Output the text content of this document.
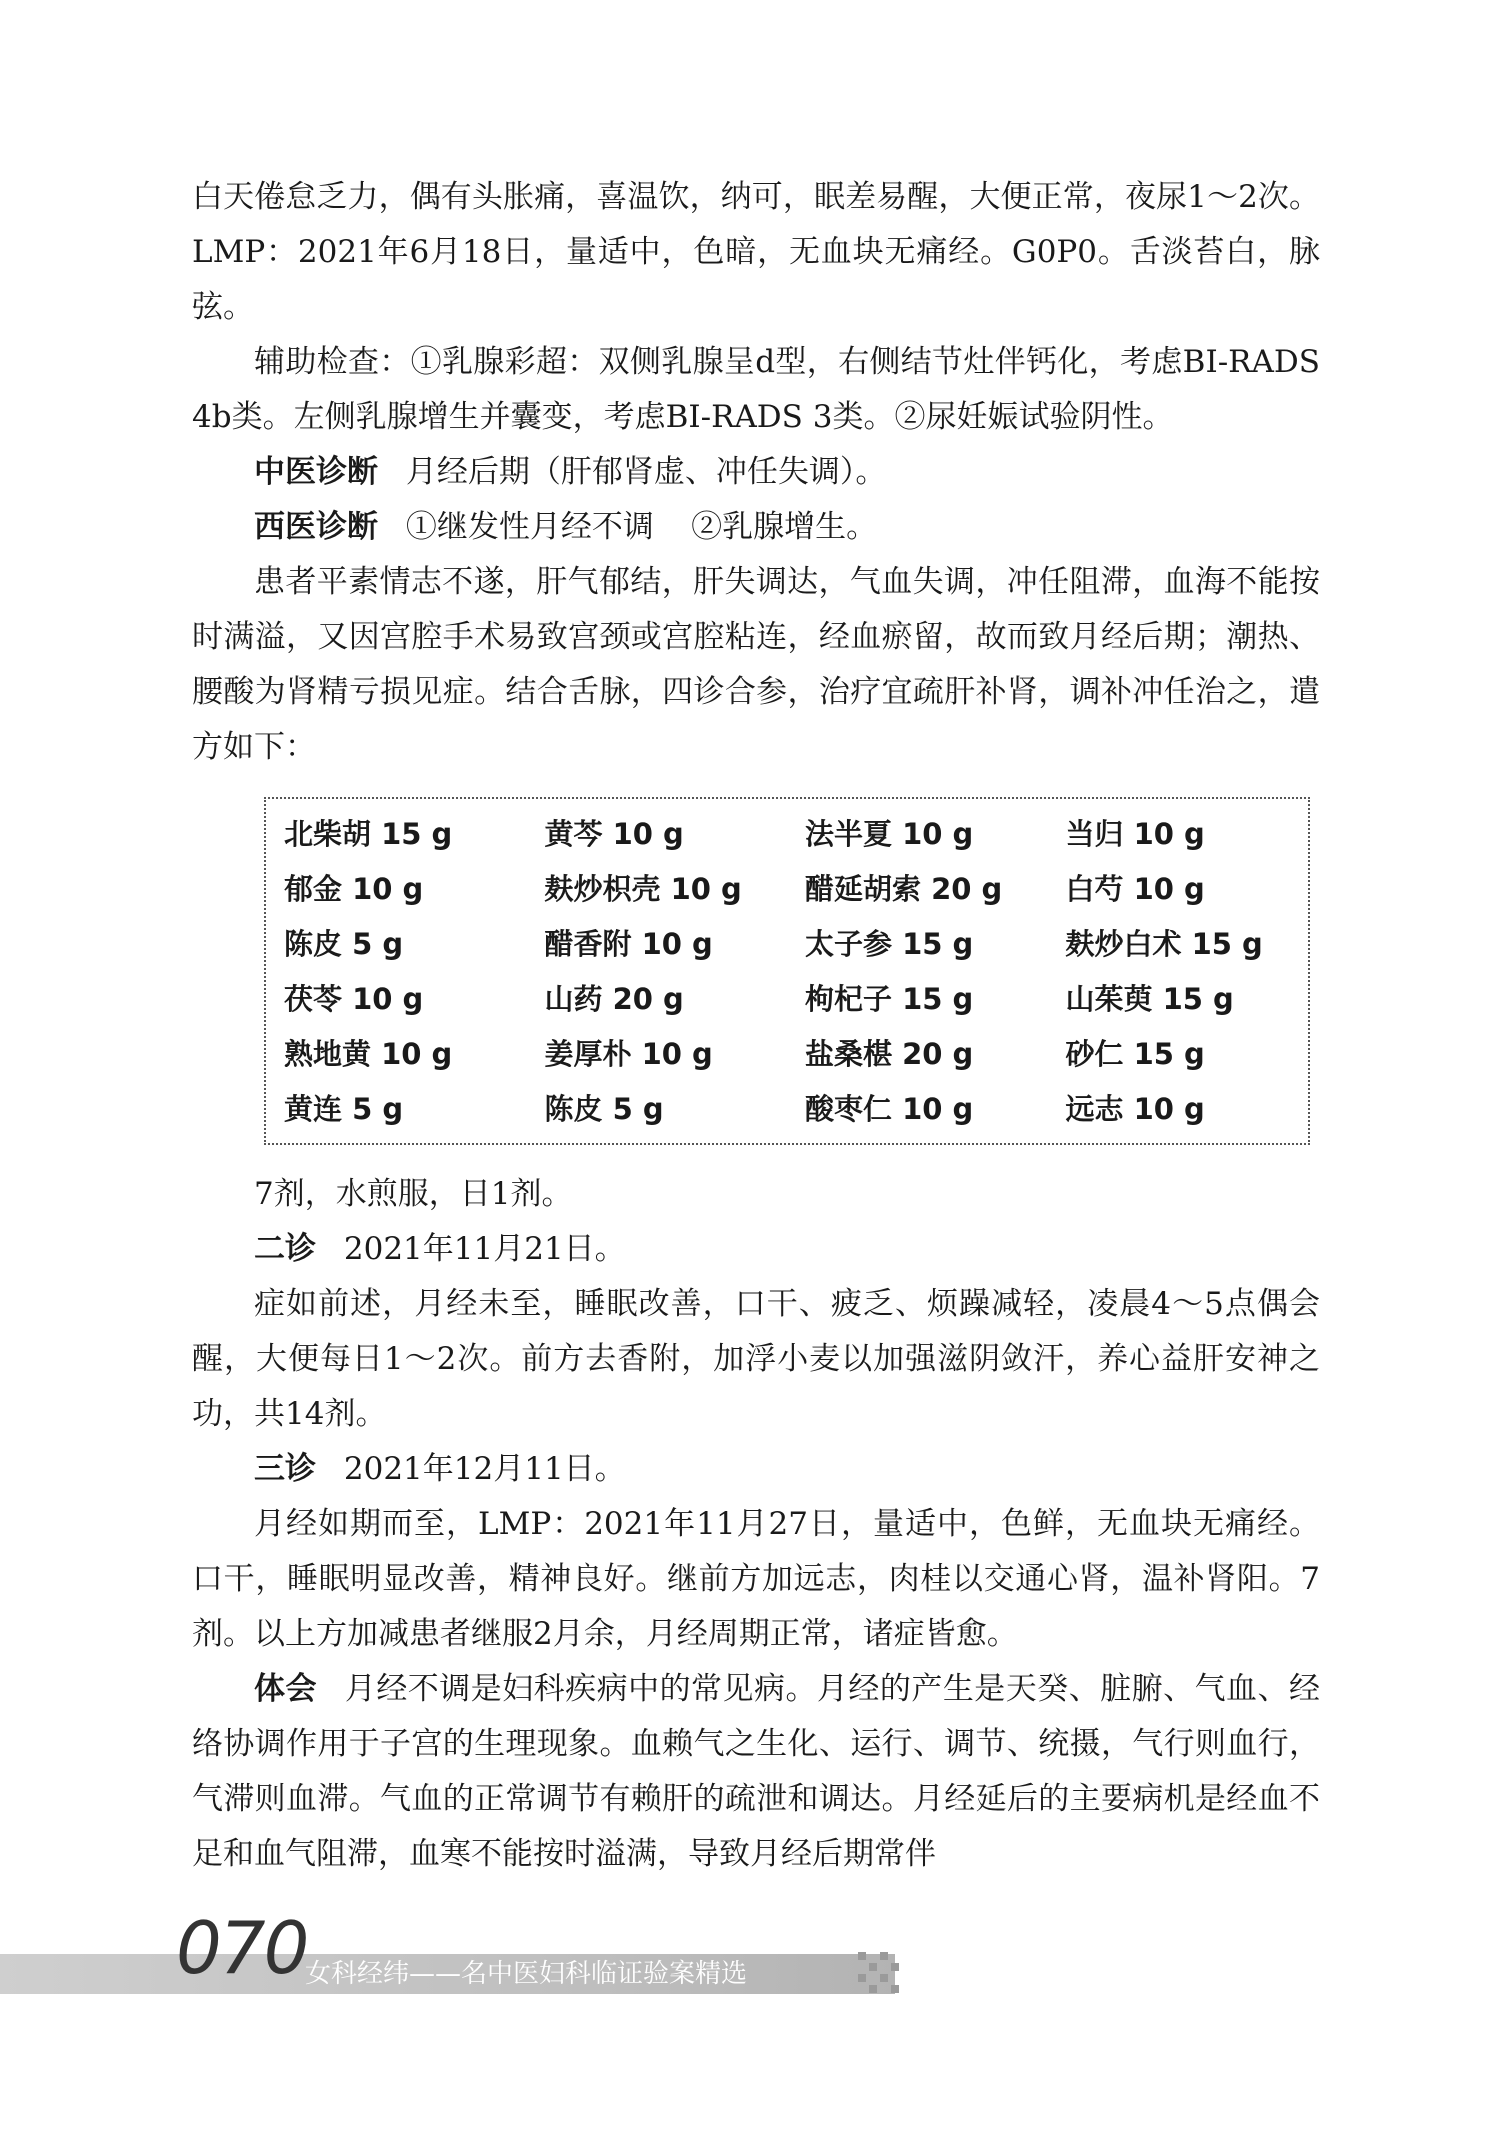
白天倦怠乏力，偶有头胀痛，喜温饮，纳可，眠差易醒，大便正常，夜尿1～2次。LMP：2021年6月18日，量适中，色暗，无血块无痛经。G0P0。舌淡苔白，脉弦。

辅助检查：①乳腺彩超：双侧乳腺呈d型，右侧结节灶伴钙化，考虑BI-RADS 4b类。左侧乳腺增生并囊变，考虑BI-RADS 3类。②尿妊娠试验阴性。

中医诊断 月经后期（肝郁肾虚、冲任失调）。

西医诊断 ①继发性月经不调 ②乳腺增生。

患者平素情志不遂，肝气郁结，肝失调达，气血失调，冲任阻滞，血海不能按时满溢，又因宫腔手术易致宫颈或宫腔粘连，经血瘀留，故而致月经后期；潮热、腰酸为肾精亏损见症。结合舌脉，四诊合参，治疗宜疏肝补肾，调补冲任治之，遣方如下：

北柴胡 15 g	黄芩 10 g	法半夏 10 g	当归 10 g
郁金 10 g	麸炒枳壳 10 g	醋延胡索 20 g	白芍 10 g
陈皮 5 g	醋香附 10 g	太子参 15 g	麸炒白术 15 g
茯苓 10 g	山药 20 g	枸杞子 15 g	山茱萸 15 g
熟地黄 10 g	姜厚朴 10 g	盐桑椹 20 g	砂仁 15 g
黄连 5 g	陈皮 5 g	酸枣仁 10 g	远志 10 g

7剂，水煎服，日1剂。

二诊 2021年11月21日。

症如前述，月经未至，睡眠改善，口干、疲乏、烦躁减轻，凌晨4～5点偶会醒，大便每日1～2次。前方去香附，加浮小麦以加强滋阴敛汗，养心益肝安神之功，共14剂。

三诊 2021年12月11日。

月经如期而至，LMP：2021年11月27日，量适中，色鲜，无血块无痛经。口干，睡眠明显改善，精神良好。继前方加远志，肉桂以交通心肾，温补肾阳。7剂。以上方加减患者继服2月余，月经周期正常，诸症皆愈。

体会 月经不调是妇科疾病中的常见病。月经的产生是天癸、脏腑、气血、经络协调作用于子宫的生理现象。血赖气之生化、运行、调节、统摄，气行则血行，气滞则血滞。气血的正常调节有赖肝的疏泄和调达。月经延后的主要病机是经血不足和血气阻滞，血寒不能按时溢满，导致月经后期常伴

070
女科经纬——名中医妇科临证验案精选
